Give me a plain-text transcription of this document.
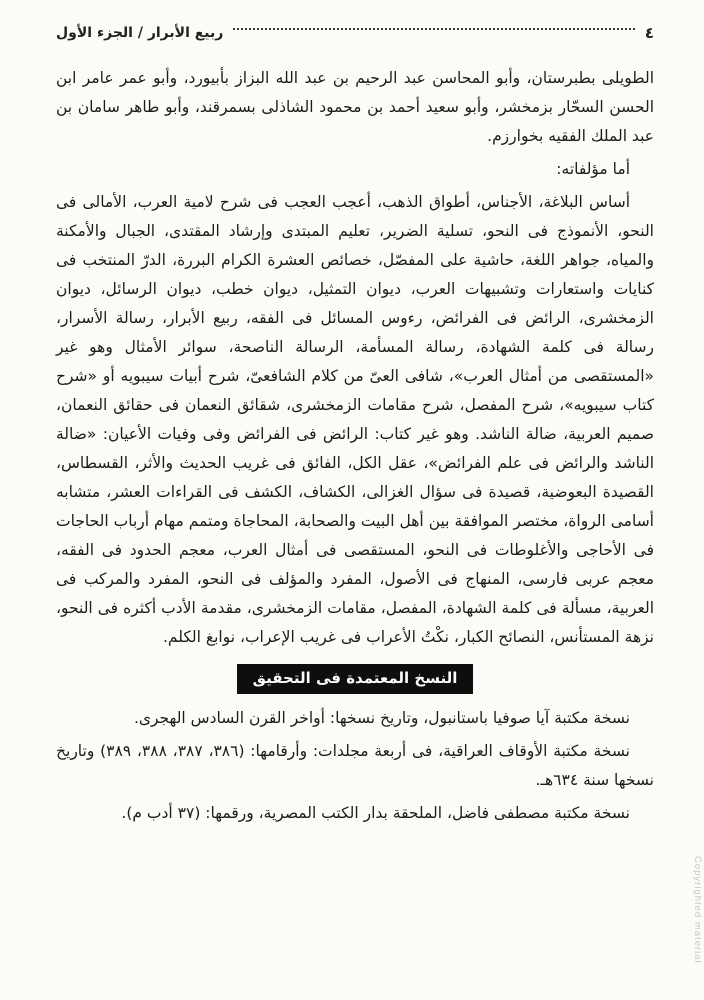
٤
ربيع الأبرار / الجزء الأول

الطويلى بطبرستان، وأبو المحاسن عبد الرحيم بن عبد الله البزاز بأبيورد، وأبو عمر عامر ابن الحسن السحّار بزمخشر، وأبو سعيد أحمد بن محمود الشاذلى بسمرقند، وأبو طاهر سامان بن عبد الملك الفقيه بخوارزم.

أما مؤلفاته:

أساس البلاغة، الأجناس، أطواق الذهب، أعجب العجب فى شرح لامية العرب، الأمالى فى النحو، الأنموذج فى النحو، تسلية الضرير، تعليم المبتدى وإرشاد المقتدى، الجبال والأمكنة والمياه، جواهر اللغة، حاشية على المفصّل، خصائص العشرة الكرام البررة، الدرّ المنتخب فى كنايات واستعارات وتشبيهات العرب، ديوان التمثيل، ديوان خطب، ديوان الرسائل، ديوان الزمخشرى، الرائض فى الفرائض، رءوس المسائل فى الفقه، ربيع الأبرار، رسالة الأسرار، رسالة فى كلمة الشهادة، رسالة المسأمة، الرسالة الناصحة، سوائر الأمثال وهو غير «المستقصى من أمثال العرب»، شافى العىّ من كلام الشافعىّ، شرح أبيات سيبويه أو «شرح كتاب سيبويه»، شرح المفصل، شرح مقامات الزمخشرى، شقائق النعمان فى حقائق النعمان، صميم العربية، ضالة الناشد. وهو غير كتاب: الرائض فى الفرائض وفى وفيات الأعيان: «ضالة الناشد والرائض فى علم الفرائض»، عقل الكل، الفائق فى غريب الحديث والأثر، القسطاس، القصيدة البعوضية، قصيدة فى سؤال الغزالى، الكشاف، الكشف فى القراءات العشر، متشابه أسامى الرواة، مختصر الموافقة بين أهل البيت والصحابة، المحاجاة ومتمم مهام أرباب الحاجات فى الأحاجى والأغلوطات فى النحو، المستقصى فى أمثال العرب، معجم الحدود فى الفقه، معجم عربى فارسى، المنهاج فى الأصول، المفرد والمؤلف فى النحو، المفرد والمركب فى العربية، مسألة فى كلمة الشهادة، المفصل، مقامات الزمخشرى، مقدمة الأدب أكثره فى النحو، نزهة المستأنس، النصائح الكبار، نكْتُ الأعراب فى غريب الإعراب، نوابغ الكلم.

النسخ المعتمدة فى التحقيق

نسخة مكتبة آيا صوفيا باستانبول، وتاريخ نسخها: أواخر القرن السادس الهجرى.

نسخة مكتبة الأوقاف العراقية، فى أربعة مجلدات: وأرقامها: (٣٨٦، ٣٨٧، ٣٨٨، ٣٨٩) وتاريخ نسخها سنة ٦٣٤هـ.

نسخة مكتبة مصطفى فاضل، الملحقة بدار الكتب المصرية، ورقمها: (٣٧ أدب م).

Copyrighted material
